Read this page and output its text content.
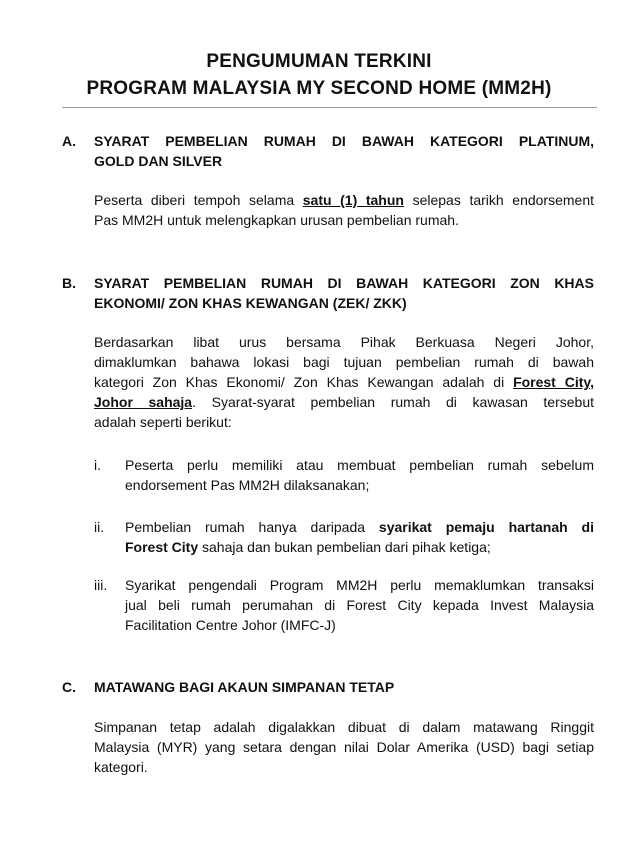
PENGUMUMAN TERKINI
PROGRAM MALAYSIA MY SECOND HOME (MM2H)
A. SYARAT PEMBELIAN RUMAH DI BAWAH KATEGORI PLATINUM,
GOLD DAN SILVER
Peserta diberi tempoh selama satu (1) tahun selepas tarikh endorsement
Pas MM2H untuk melengkapkan urusan pembelian rumah.
B. SYARAT PEMBELIAN RUMAH DI BAWAH KATEGORI ZON KHAS
EKONOMI/ ZON KHAS KEWANGAN (ZEK/ ZKK)
Berdasarkan libat urus bersama Pihak Berkuasa Negeri Johor,
dimaklumkan bahawa lokasi bagi tujuan pembelian rumah di bawah
kategori Zon Khas Ekonomi/ Zon Khas Kewangan adalah di Forest City,
Johor sahaja. Syarat-syarat pembelian rumah di kawasan tersebut
adalah seperti berikut:
i. Peserta perlu memiliki atau membuat pembelian rumah sebelum
endorsement Pas MM2H dilaksanakan;
ii. Pembelian rumah hanya daripada syarikat pemaju hartanah di
Forest City sahaja dan bukan pembelian dari pihak ketiga;
iii. Syarikat pengendali Program MM2H perlu memaklumkan transaksi
jual beli rumah perumahan di Forest City kepada Invest Malaysia
Facilitation Centre Johor (IMFC-J)
C. MATAWANG BAGI AKAUN SIMPANAN TETAP
Simpanan tetap adalah digalakkan dibuat di dalam matawang Ringgit
Malaysia (MYR) yang setara dengan nilai Dolar Amerika (USD) bagi setiap
kategori.
